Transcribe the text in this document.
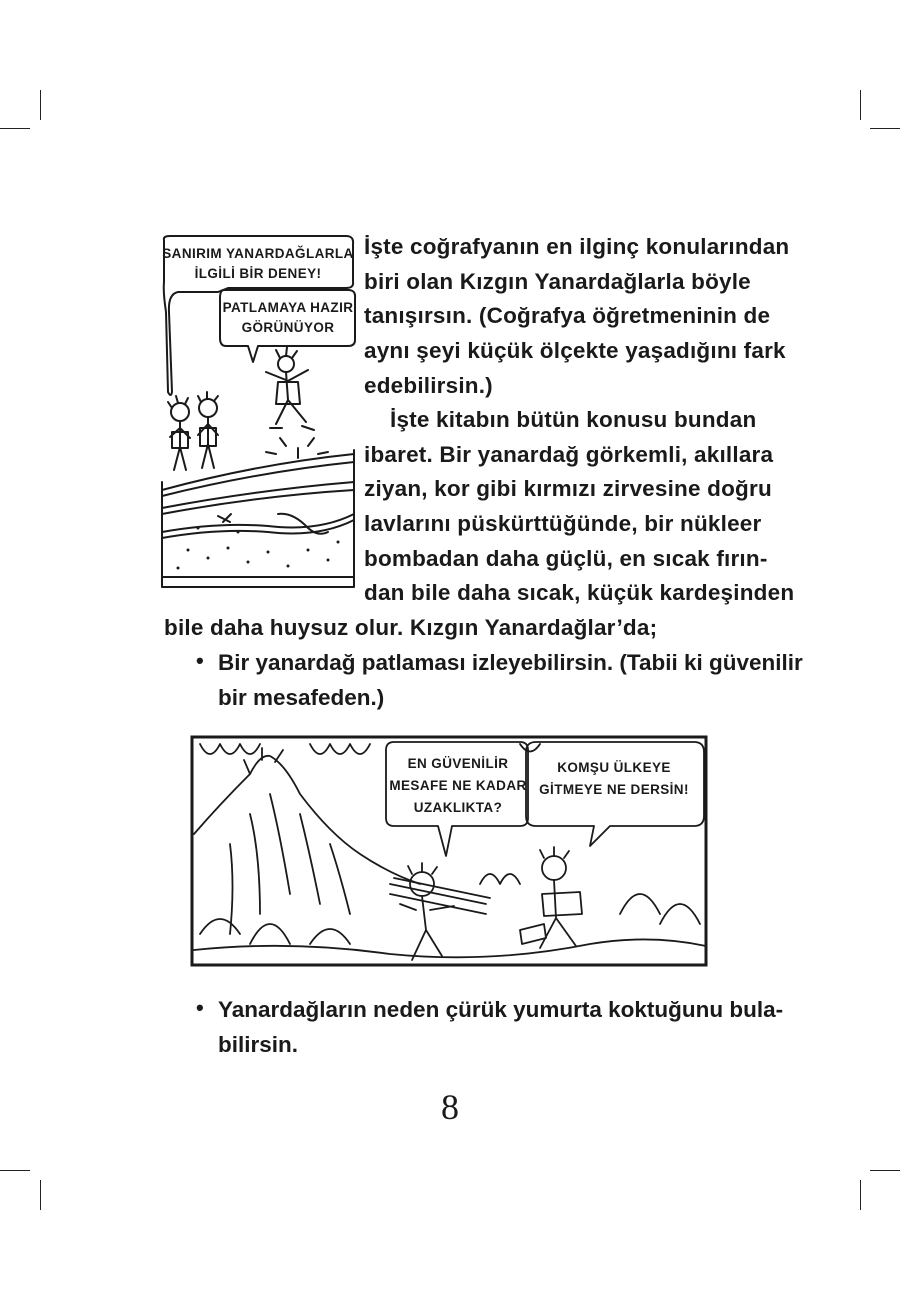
SANIRIM YANARDAĞLARLA
İLGİLİ BİR DENEY!
PATLAMAYA HAZIR
GÖRÜNÜYOR
İşte coğrafyanın en ilginç konularından
biri olan Kızgın Yanardağlarla böyle
tanışırsın. (Coğrafya öğretmeninin de
aynı şeyi küçük ölçekte yaşadığını fark
edebilirsin.)
İşte kitabın bütün konusu bundan
ibaret. Bir yanardağ görkemli, akıllara
ziyan, kor gibi kırmızı zirvesine doğru
lavlarını püskürttüğünde, bir nükleer
bombadan daha güçlü, en sıcak fırın-
dan bile daha sıcak, küçük kardeşinden
bile daha huysuz olur. Kızgın Yanardağlar’da;
• Bir yanardağ patlaması izleyebilirsin. (Tabii ki güvenilir
bir mesafeden.)
EN GÜVENİLİR
MESAFE NE KADAR
UZAKLIKTA?
KOMŞU ÜLKEYE
GİTMEYE NE DERSİN!
• Yanardağların neden çürük yumurta koktuğunu bula-
bilirsin.
8
